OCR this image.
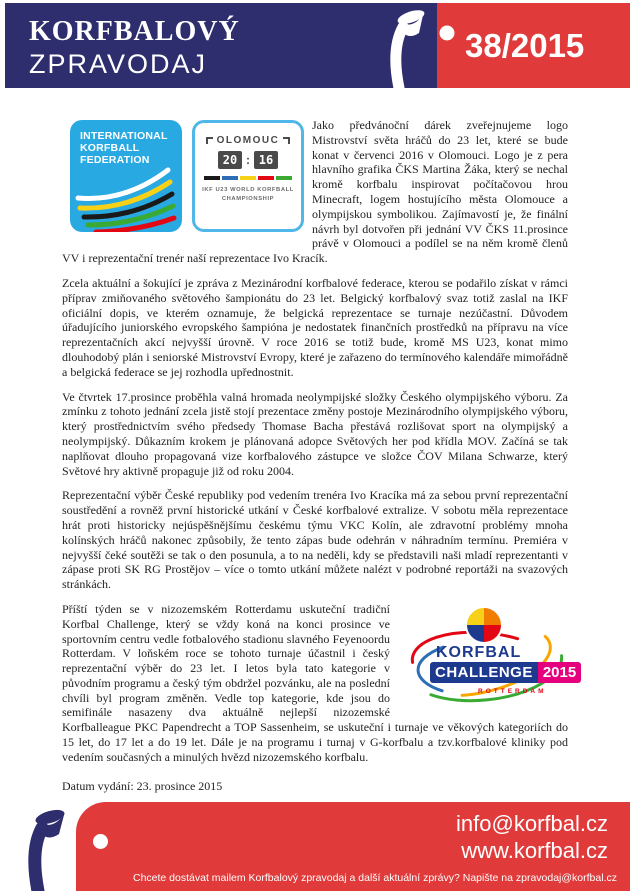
KORFBALOVÝ
ZPRAVODAJ
38/2015
INTERNATIONAL
KORFBALL
FEDERATION
OLOMOUC
20 : 16
IKF U23 WORLD KORFBALL
CHAMPIONSHIP

Jako předvánoční dárek zveřejnujeme logo Mistrovství světa hráčů do 23 let, které se bude konat v červenci 2016 v Olomouci. Logo je z pera hlavního grafika ČKS Martina Žáka, který se nechal kromě korfbalu inspirovat počítačovou hrou Minecraft, logem hostujícího města Olomouce a olympijskou symbolikou. Zajímavostí je, že finální návrh byl dotvořen při jednání VV ČKS 11.prosince právě v Olomouci a podílel se na něm kromě členů VV i reprezentační trenér naší reprezentace Ivo Kracík.

Zcela aktuální a šokující je zpráva z Mezinárodní korfbalové federace, kterou se podařilo získat v rámci příprav zmiňovaného světového šampionátu do 23 let. Belgický korfbalový svaz totiž zaslal na IKF oficiální dopis, ve kterém oznamuje, že belgická reprezentace se turnaje nezúčastní. Důvodem úřadujícího juniorského evropského šampióna je nedostatek finančních prostředků na přípravu na více reprezentačních akcí nejvyšší úrovně. V roce 2016 se totiž bude, kromě MS U23, konat mimo dlouhodobý plán i seniorské Mistrovství Evropy, které je zařazeno do termínového kalendáře mimořádně a belgická federace se jej rozhodla upřednostnit.

Ve čtvrtek 17.prosince proběhla valná hromada neolympijské složky Českého olympijského výboru. Za zmínku z tohoto jednání zcela jistě stojí prezentace změny postoje Mezinárodního olympijského výboru, který prostřednictvím svého předsedy Thomase Bacha přestává rozlišovat sport na olympijský a neolympijský. Důkazním krokem je plánovaná adopce Světových her pod křídla MOV. Začíná se tak naplňovat dlouho propagovaná vize korfbalového zástupce ve složce ČOV Milana Schwarze, který Světové hry aktivně propaguje již od roku 2004.

Reprezentační výběr České republiky pod vedením trenéra Ivo Kracíka má za sebou první reprezentační soustředění a rovněž první historické utkání v České korfbalové extralize. V sobotu měla reprezentace hrát proti historicky nejúspěšnějšímu českému týmu VKC Kolín, ale zdravotní problémy mnoha kolínských hráčů nakonec způsobily, že tento zápas bude odehrán v náhradním termínu. Premiéra v nejvyšší čeké soutěži se tak o den posunula, a to na neděli, kdy se představili naši mladí reprezentanti v zápase proti SK RG Prostějov – více o tomto utkání můžete nalézt v podrobné reportáži na svazových stránkách.

KORFBAL
CHALLENGE 2015
ROTTERDAM

Příští týden se v nizozemském Rotterdamu uskuteční tradiční Korfbal Challenge, který se vždy koná na konci prosince ve sportovním centru vedle fotbalového stadionu slavného Feyenoordu Rotterdam. V loňském roce se tohoto turnaje účastnil i český reprezentační výběr do 23 let. I letos byla tato kategorie v původním programu a český tým obdržel pozvánku, ale na poslední chvíli byl program změněn. Vedle top kategorie, kde jsou do semifinále nasazeny dva aktuálně nejlepší nizozemské Korfballeague PKC Papendrecht a TOP Sassenheim, se uskuteční i turnaje ve věkových kategoriích do 15 let, do 17 let a do 19 let. Dále je na programu i turnaj v G-korfbalu a tzv.korfbalové kliniky pod vedením současných a minulých hvězd nizozemského korfbalu.

Datum vydání: 23. prosince 2015

info@korfbal.cz
www.korfbal.cz
Chcete dostávat mailem Korfbalový zpravodaj a další aktuální zprávy? Napište na zpravodaj@korfbal.cz
